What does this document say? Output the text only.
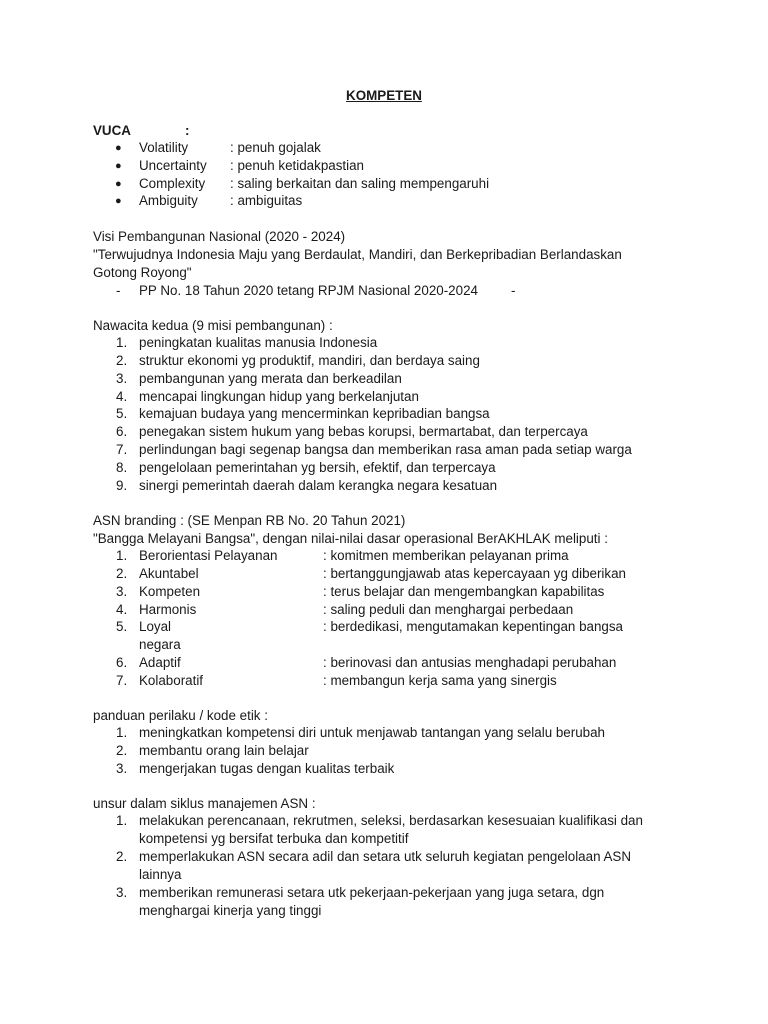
KOMPETEN
VUCA	:
● Volatility	: penuh gojalak
● Uncertainty : penuh ketidakpastian
● Complexity : saling berkaitan dan saling mempengaruhi
● Ambiguity : ambiguitas
Visi Pembangunan Nasional (2020 - 2024)
"Terwujudnya Indonesia Maju yang Berdaulat, Mandiri, dan Berkepribadian Berlandaskan
Gotong Royong"
- PP No. 18 Tahun 2020 tetang RPJM Nasional 2020-2024 -
Nawacita kedua (9 misi pembangunan) :
1. peningkatan kualitas manusia Indonesia
2. struktur ekonomi yg produktif, mandiri, dan berdaya saing
3. pembangunan yang merata dan berkeadilan
4. mencapai lingkungan hidup yang berkelanjutan
5. kemajuan budaya yang mencerminkan kepribadian bangsa
6. penegakan sistem hukum yang bebas korupsi, bermartabat, dan terpercaya
7. perlindungan bagi segenap bangsa dan memberikan rasa aman pada setiap warga
8. pengelolaan pemerintahan yg bersih, efektif, dan terpercaya
9. sinergi pemerintah daerah dalam kerangka negara kesatuan
ASN branding : (SE Menpan RB No. 20 Tahun 2021)
"Bangga Melayani Bangsa", dengan nilai-nilai dasar operasional BerAKHLAK meliputi :
1. Berorientasi Pelayanan	: komitmen memberikan pelayanan prima
2. Akuntabel	: bertanggungjawab atas kepercayaan yg diberikan
3. Kompeten	: terus belajar dan mengembangkan kapabilitas
4. Harmonis	: saling peduli dan menghargai perbedaan
5. Loyal	: berdedikasi, mengutamakan kepentingan bangsa
negara
6. Adaptif	: berinovasi dan antusias menghadapi perubahan
7. Kolaboratif	: membangun kerja sama yang sinergis
panduan perilaku / kode etik :
1. meningkatkan kompetensi diri untuk menjawab tantangan yang selalu berubah
2. membantu orang lain belajar
3. mengerjakan tugas dengan kualitas terbaik
unsur dalam siklus manajemen ASN :
1. melakukan perencanaan, rekrutmen, seleksi, berdasarkan kesesuaian kualifikasi dan
kompetensi yg bersifat terbuka dan kompetitif
2. memperlakukan ASN secara adil dan setara utk seluruh kegiatan pengelolaan ASN
lainnya
3. memberikan remunerasi setara utk pekerjaan-pekerjaan yang juga setara, dgn
menghargai kinerja yang tinggi
